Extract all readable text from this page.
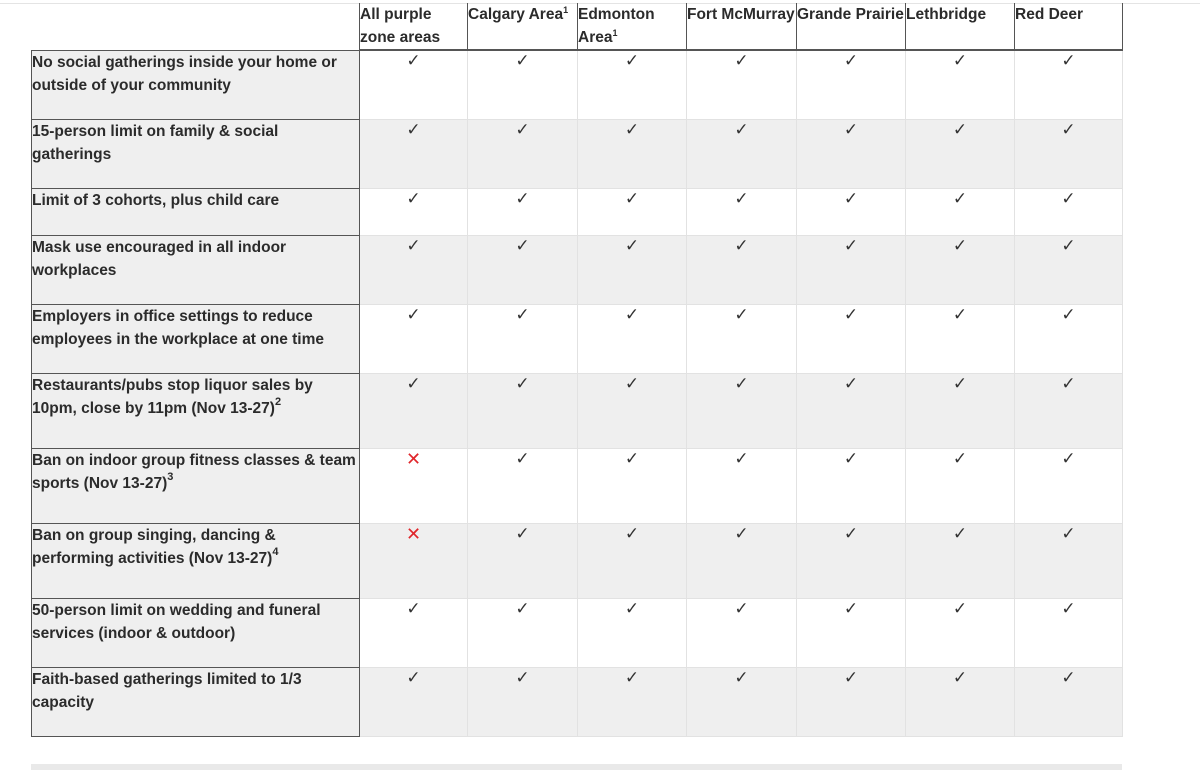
	All purple zone areas	Calgary Area$^1$	Edmonton Area$^1$	Fort McMurray	Grande Prairie	Lethbridge	Red Deer
No social gatherings inside your home or outside of your community	✓	✓	✓	✓	✓	✓	✓
15-person limit on family & social gatherings	✓	✓	✓	✓	✓	✓	✓
Limit of 3 cohorts, plus child care	✓	✓	✓	✓	✓	✓	✓
Mask use encouraged in all indoor workplaces	✓	✓	✓	✓	✓	✓	✓
Employers in office settings to reduce employees in the workplace at one time	✓	✓	✓	✓	✓	✓	✓
Restaurants/pubs stop liquor sales by 10pm, close by 11pm (Nov 13-27)$^2$	✓	✓	✓	✓	✓	✓	✓
Ban on indoor group fitness classes & team sports (Nov 13-27)$^3$	✕	✓	✓	✓	✓	✓	✓
Ban on group singing, dancing & performing activities (Nov 13-27)$^4$	✕	✓	✓	✓	✓	✓	✓
50-person limit on wedding and funeral services (indoor & outdoor)	✓	✓	✓	✓	✓	✓	✓
Faith-based gatherings limited to 1/3 capacity	✓	✓	✓	✓	✓	✓	✓
